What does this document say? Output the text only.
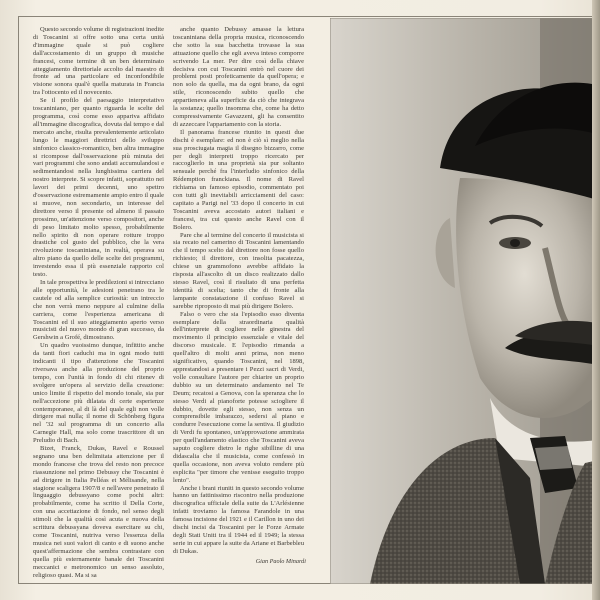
Questo secondo volume di registrazioni inedite di Toscanini si offre sotto una certa unità d'immagine quale si può cogliere dall'accostamento di un gruppo di musiche francesi, come termine di un ben determinato atteggiamento direttoriale accolto dal maestro di fronte ad una particolare ed inconfondibile visione sonora qual'è quella maturata in Francia tra l'ottocento ed il novecento.

Se il profilo del paesaggio interpretativo toscaniniano, per quanto riguarda le scelte del programma, così come esso appariva affidato all'immagine discografica, dovuta dal tempo e dal mercato anche, risulta prevalentemente articolato lungo le maggiori direttrici dello sviluppo sinfonico classico-romantico, ben altra immagine si ricompose dall'osservazione più minuta dei vari programmi che sono andati accumulandosi e sedimentandosi nella lunghissima carriera del nostro interprete. Si scopre infatti, soprattutto nei lavori dei primi decenni, uno spettro d'osservazione estremamente ampio entro il quale si muove, non secondario, un interesse del direttore verso il presente od almeno il passato prossimo, un'attenzione verso compositori, anche di peso limitato molto spesso, probabilmente nello spirito di non operare rotture troppo drastiche col gusto del pubblico, che la vera rivoluzione toscaniniana, in realtà, operava su altro piano da quello delle scelte dei programmi, investendo essa il più essenziale rapporto col testo.

In tale prospettiva le predilezioni si intrecciano alle opportunità, le adesioni penetrano tra le cautele od alla semplice curiosità: un intreccio che non verrà meno neppure al culmine della carriera, come l'esperienza americana di Toscanini ed il suo atteggiamento aperto verso musicisti del nuovo mondo di gran successo, da Gershwin a Grofé, dimostrano.

Un quadro vuoissimo dunque, infittito anche da tanti fiori caduchi ma in ogni modo tutti indicanti il tipo d'attenzione che Toscanini riversava anche alla produzione del proprio tempo, con l'unità in fondo di chi ritenev di svolgere un'opera al servizio della creazione: unico limite il rispetto del mondo tonale, sia pur nell'accezione più dilatata di certe esperienze contemporanee, al di là del quale egli non volle dirigere mai nulla; il nome di Schönberg figura nel '32 sul programma di un concerto alla Carnegie Hall, ma solo come trascrittore di un Preludio di Bach.

Bizet, Franck, Dukas, Ravel e Roussel segnano una ben delimitata attenzione per il mondo francese che trova del resto non precoce riassunzione nel primo Debussy che Toscanini è ad dirigere in Italia Pelléas et Mélisande, nella stagione scaligera 1907/8 e nell'avere penetrato il linguaggio debussyano come pochi altri: probabilmente, come ha scritto il Della Corte, con una accettazione di fondo, nel senso degli stimoli che la qualità così acuta e nuova della scrittura debussyana doveva esercitare su chi, come Toscanini, nutriva verso l'essenza della musica nei suoi valori di canto e di suono anche quest'affermazione che sembra contrastare con quella più esternamente banale dei Toscanini meccanici e metronomico un senso assoluto, religioso quasi. Ma si sa

anche quanto Debussy amasse la lettura toscaniniana della propria musica, riconoscendo che sotto la sua bacchetta trovasse la sua attuazione quello che egli aveva inteso comporre scrivendo La mer. Per dire così della chiave decisiva con cui Toscanini entrò nel cuore dei problemi posti profeticamente da quell'opera; e non solo da quella, ma da ogni brano, da ogni stile, riconoscendo subito quello che appartieneva alla superficie da ciò che integrava la sostanza; quello insomma che, come ha detto compressivamente Gavazzeni, gli ha consentito di azzeccare l'appartamento con la storia.

Il panorama francese riunito in questi due dischi è esemplare: ed non è ciò sì meglio nella sua prosciugata magia il disegno bizzarro, come per degli interpreti troppo ricercato per raccoglierlo in una proprietà sia pur soltanto sensuale perché fra l'interludio sinfonico della Rédemption franckiana. Il nome di Ravel richiama un famoso episodio, commentato poi con tutti gli inevitabili arricciamenti del caso: capitato a Parigi nel '33 dopo il concerto in cui Toscanini aveva accostato autori italiani e francesi, tra cui questo anche Ravel con il Bolero.

Pare che al termine del concerto il musicista si sia recato nel camerino di Toscanini lamentando che il tempo scelto dal direttore non fosse quello richiesto; il direttore, con insolita pacatezza, chiese un grammofono avrebbe affidato la risposta all'ascolto di un disco realizzato dallo stesso Ravel, così il risultato di una perfetta identità di scelta; tanto che di fronte alla lampante constatazione il confuso Ravel si sarebbe riproposto di mai più dirigere Bolero.

Falso o vero che sia l'episodio esso diventa esemplare della straordinaria qualità dell'interprete di cogliere nelle ginestra del movimento il principio essenziale e vitale del discorso musicale. E l'episodio rimanda a quell'altro di molti anni prima, non meno significativo, quando Toscanini, nel 1898, apprestandosi a presentare i Pezzi sacri di Verdi, volle consultare l'autore per chiarire un proprio dubbio su un determinato andamento nel Te Deum; recatosi a Genova, con la speranza che lo stesso Verdi al pianoforte potesse sciogliere il dubbio, dovette egli stesso, non senza un comprensibile imbarazzo, sedersi al piano e condurre l'esecuzione come la sentiva. Il giudizio di Verdi fu spontaneo, un'approvazione ammirata per quell'andamento elastico che Toscanini aveva saputo cogliere dietro le righe sibilline di una didascalia che il musicista, come confessò in quella occasione, non aveva voluto rendere più esplicita "per timore che venisse eseguito troppo lento".

Anche i brani riuniti in questo secondo volume hanno un fattinissimo riscontro nella produzione discografica ufficiale della suite da L'Arlésienne infatti troviamo la famosa Farandole in una famosa incisione del 1921 e il Carillon in uno dei dischi incisi da Toscanini per le Forze Armate degli Stati Uniti tra il 1944 ed il 1949; la stessa serie in cui appare la suite da Ariane et Barbebleu di Dukas.

Gian Paolo Minardi
